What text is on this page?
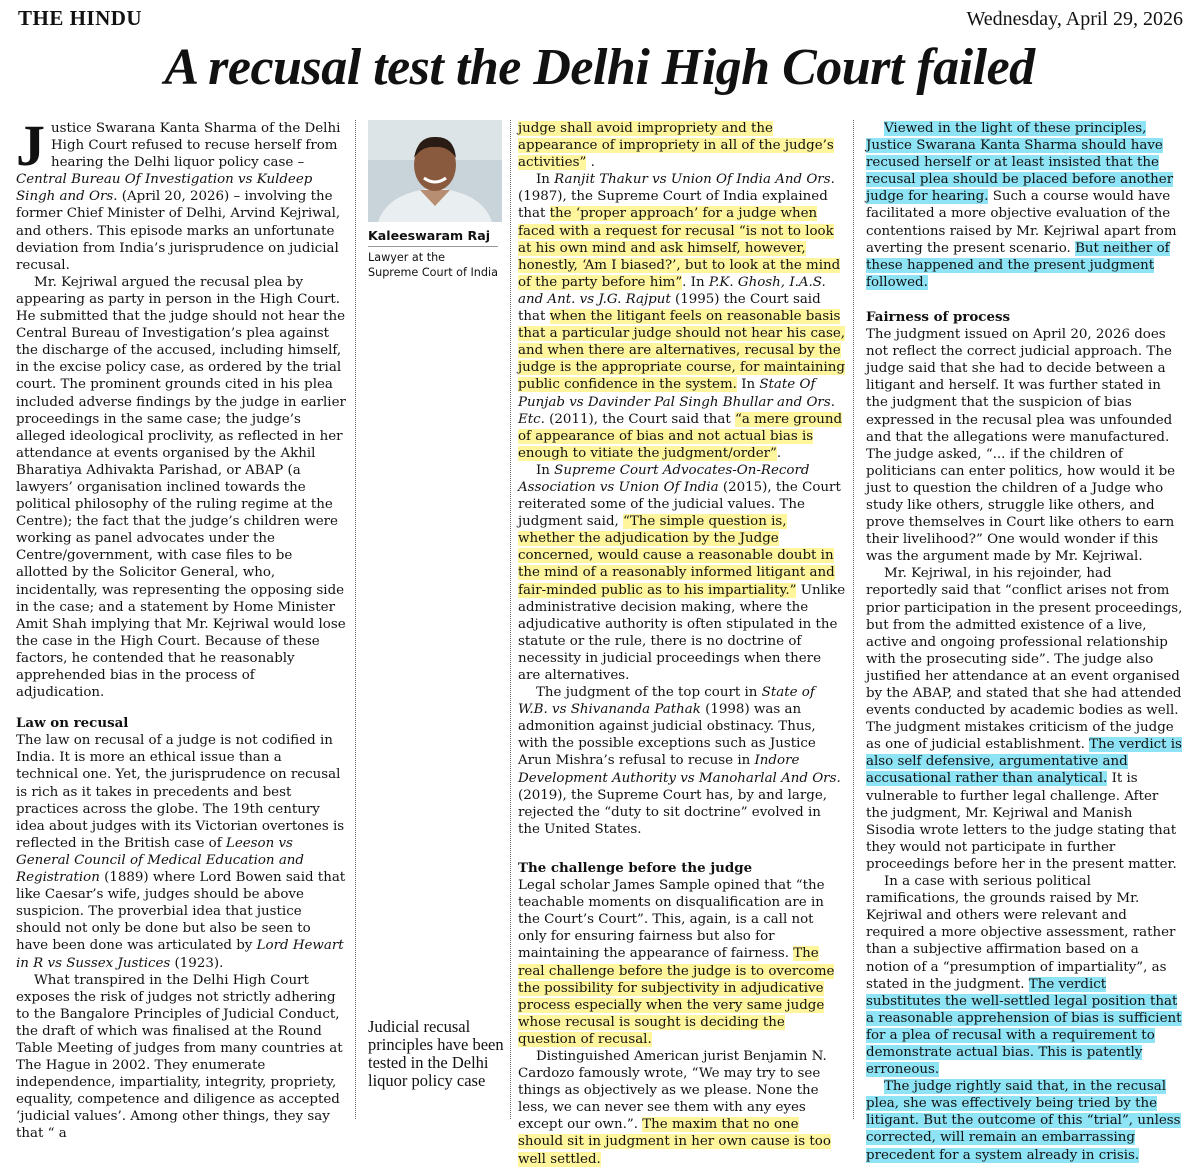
THE HINDU	Wednesday, April 29, 2026
A recusal test the Delhi High Court failed

Justice Swarana Kanta Sharma of the Delhi High Court refused to recuse herself from hearing the Delhi liquor policy case – Central Bureau Of Investigation vs Kuldeep Singh and Ors. (April 20, 2026) – involving the former Chief Minister of Delhi, Arvind Kejriwal, and others. This episode marks an unfortunate deviation from India’s jurisprudence on judicial recusal.

Mr. Kejriwal argued the recusal plea by appearing as party in person in the High Court. He submitted that the judge should not hear the Central Bureau of Investigation’s plea against the discharge of the accused, including himself, in the excise policy case, as ordered by the trial court. The prominent grounds cited in his plea included adverse findings by the judge in earlier proceedings in the same case; the judge’s alleged ideological proclivity, as reflected in her attendance at events organised by the Akhil Bharatiya Adhivakta Parishad, or ABAP (a lawyers’ organisation inclined towards the political philosophy of the ruling regime at the Centre); the fact that the judge’s children were working as panel advocates under the Centre/government, with case files to be allotted by the Solicitor General, who, incidentally, was representing the opposing side in the case; and a statement by Home Minister Amit Shah implying that Mr. Kejriwal would lose the case in the High Court. Because of these factors, he contended that he reasonably apprehended bias in the process of adjudication.

Law on recusal

The law on recusal of a judge is not codified in India. It is more an ethical issue than a technical one. Yet, the jurisprudence on recusal is rich as it takes in precedents and best practices across the globe. The 19th century idea about judges with its Victorian overtones is reflected in the British case of Leeson vs General Council of Medical Education and Registration (1889) where Lord Bowen said that like Caesar’s wife, judges should be above suspicion. The proverbial idea that justice should not only be done but also be seen to have been done was articulated by Lord Hewart in R vs Sussex Justices (1923).

What transpired in the Delhi High Court exposes the risk of judges not strictly adhering to the Bangalore Principles of Judicial Conduct, the draft of which was finalised at the Round Table Meeting of judges from many countries at The Hague in 2002. They enumerate independence, impartiality, integrity, propriety, equality, competence and diligence as accepted ‘judicial values’. Among other things, they say that “ a

Kaleeswaram Raj
Lawyer at the Supreme Court of India
Judicial recusal principles have been tested in the Delhi liquor policy case

judge shall avoid impropriety and the appearance of impropriety in all of the judge’s activities” .

In Ranjit Thakur vs Union Of India And Ors. (1987), the Supreme Court of India explained that the ‘proper approach’ for a judge when faced with a request for recusal “is not to look at his own mind and ask himself, however, honestly, ‘Am I biased?’, but to look at the mind of the party before him”. In P.K. Ghosh, I.A.S. and Ant. vs J.G. Rajput (1995) the Court said that when the litigant feels on reasonable basis that a particular judge should not hear his case, and when there are alternatives, recusal by the judge is the appropriate course, for maintaining public confidence in the system. In State Of Punjab vs Davinder Pal Singh Bhullar and Ors. Etc. (2011), the Court said that “a mere ground of appearance of bias and not actual bias is enough to vitiate the judgment/order”.

In Supreme Court Advocates-On-Record Association vs Union Of India (2015), the Court reiterated some of the judicial values. The judgment said, “The simple question is, whether the adjudication by the Judge concerned, would cause a reasonable doubt in the mind of a reasonably informed litigant and fair-minded public as to his impartiality.” Unlike administrative decision making, where the adjudicative authority is often stipulated in the statute or the rule, there is no doctrine of necessity in judicial proceedings when there are alternatives.

The judgment of the top court in State of W.B. vs Shivananda Pathak (1998) was an admonition against judicial obstinacy. Thus, with the possible exceptions such as Justice Arun Mishra’s refusal to recuse in Indore Development Authority vs Manoharlal And Ors. (2019), the Supreme Court has, by and large, rejected the “duty to sit doctrine” evolved in the United States.

The challenge before the judge

Legal scholar James Sample opined that “the teachable moments on disqualification are in the Court’s Court”. This, again, is a call not only for ensuring fairness but also for maintaining the appearance of fairness. The real challenge before the judge is to overcome the possibility for subjectivity in adjudicative process especially when the very same judge whose recusal is sought is deciding the question of recusal.

Distinguished American jurist Benjamin N. Cardozo famously wrote, “We may try to see things as objectively as we please. None the less, we can never see them with any eyes except our own.”. The maxim that no one should sit in judgment in her own cause is too well settled.

Viewed in the light of these principles, Justice Swarana Kanta Sharma should have recused herself or at least insisted that the recusal plea should be placed before another judge for hearing. Such a course would have facilitated a more objective evaluation of the contentions raised by Mr. Kejriwal apart from averting the present scenario. But neither of these happened and the present judgment followed.

Fairness of process

The judgment issued on April 20, 2026 does not reflect the correct judicial approach. The judge said that she had to decide between a litigant and herself. It was further stated in the judgment that the suspicion of bias expressed in the recusal plea was unfounded and that the allegations were manufactured. The judge asked, “... if the children of politicians can enter politics, how would it be just to question the children of a Judge who study like others, struggle like others, and prove themselves in Court like others to earn their livelihood?” One would wonder if this was the argument made by Mr. Kejriwal.

Mr. Kejriwal, in his rejoinder, had reportedly said that “conflict arises not from prior participation in the present proceedings, but from the admitted existence of a live, active and ongoing professional relationship with the prosecuting side”. The judge also justified her attendance at an event organised by the ABAP, and stated that she had attended events conducted by academic bodies as well. The judgment mistakes criticism of the judge as one of judicial establishment. The verdict is also self defensive, argumentative and accusational rather than analytical. It is vulnerable to further legal challenge. After the judgment, Mr. Kejriwal and Manish Sisodia wrote letters to the judge stating that they would not participate in further proceedings before her in the present matter.

In a case with serious political ramifications, the grounds raised by Mr. Kejriwal and others were relevant and required a more objective assessment, rather than a subjective affirmation based on a notion of a “presumption of impartiality”, as stated in the judgment. The verdict substitutes the well-settled legal position that a reasonable apprehension of bias is sufficient for a plea of recusal with a requirement to demonstrate actual bias. This is patently erroneous.

The judge rightly said that, in the recusal plea, she was effectively being tried by the litigant. But the outcome of this “trial”, unless corrected, will remain an embarrassing precedent for a system already in crisis.
